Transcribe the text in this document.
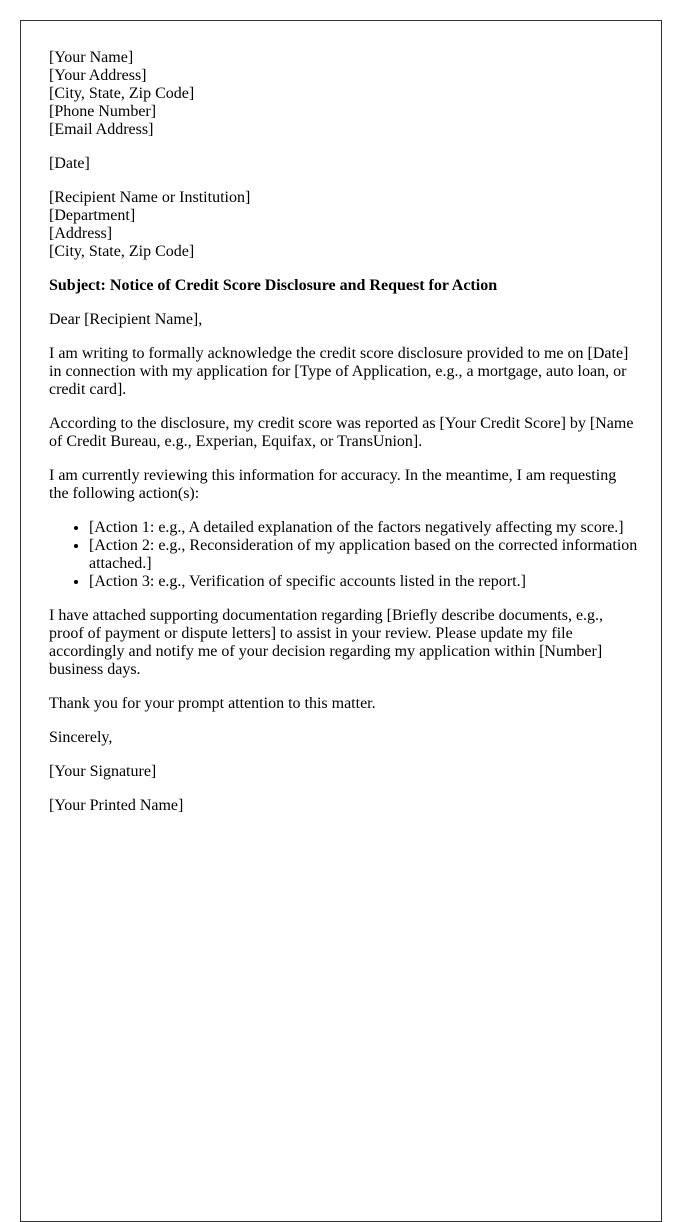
[Your Name]
[Your Address]
[City, State, Zip Code]
[Phone Number]
[Email Address]

[Date]

[Recipient Name or Institution]
[Department]
[Address]
[City, State, Zip Code]

Subject: Notice of Credit Score Disclosure and Request for Action

Dear [Recipient Name],

I am writing to formally acknowledge the credit score disclosure provided to me on [Date] in connection with my application for [Type of Application, e.g., a mortgage, auto loan, or credit card].

According to the disclosure, my credit score was reported as [Your Credit Score] by [Name of Credit Bureau, e.g., Experian, Equifax, or TransUnion].

I am currently reviewing this information for accuracy. In the meantime, I am requesting the following action(s):

• [Action 1: e.g., A detailed explanation of the factors negatively affecting my score.]
• [Action 2: e.g., Reconsideration of my application based on the corrected information attached.]
• [Action 3: e.g., Verification of specific accounts listed in the report.]

I have attached supporting documentation regarding [Briefly describe documents, e.g., proof of payment or dispute letters] to assist in your review. Please update my file accordingly and notify me of your decision regarding my application within [Number] business days.

Thank you for your prompt attention to this matter.

Sincerely,

[Your Signature]

[Your Printed Name]
